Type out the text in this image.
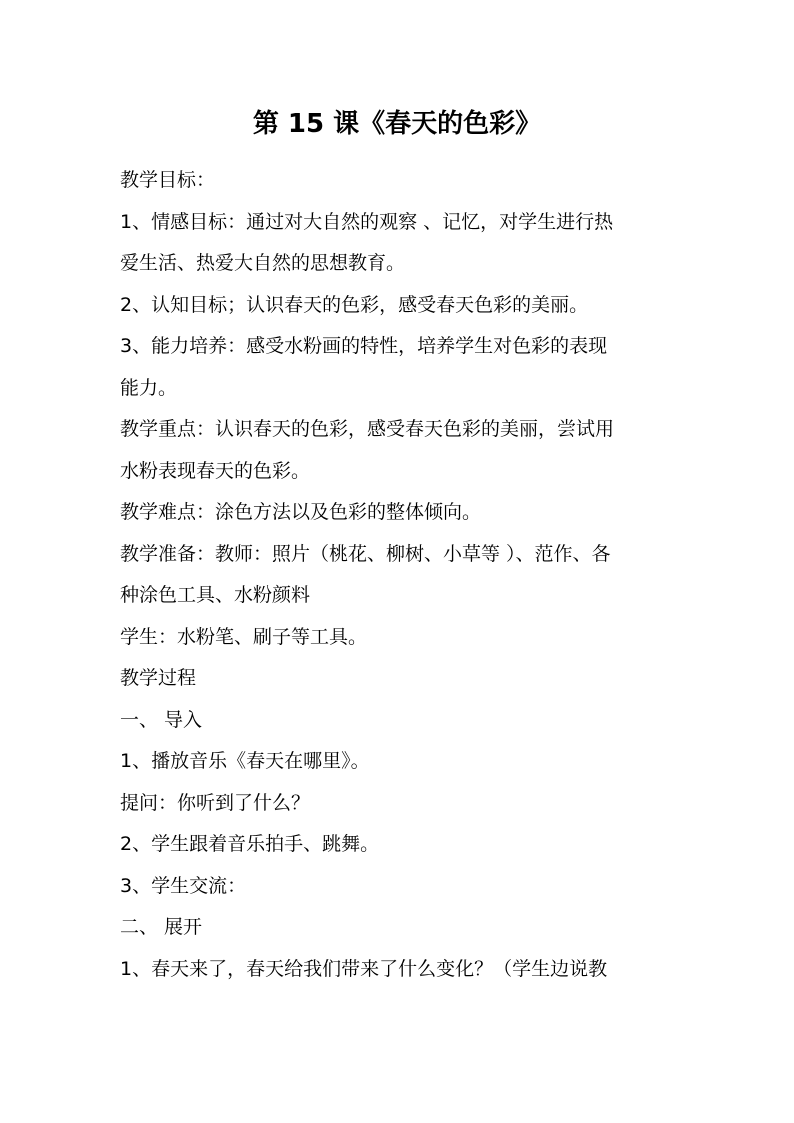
第 15 课《春天的色彩》
教学目标：
1、情感目标：通过对大自然的观察 、记忆，对学生进行热
爱生活、热爱大自然的思想教育。
2、认知目标；认识春天的色彩，感受春天色彩的美丽。
3、能力培养：感受水粉画的特性，培养学生对色彩的表现
能力。
教学重点：认识春天的色彩，感受春天色彩的美丽，尝试用
水粉表现春天的色彩。
教学难点：涂色方法以及色彩的整体倾向。
教学准备：教师：照片（桃花、柳树、小草等 ）、范作、各
种涂色工具、水粉颜料
学生：水粉笔、刷子等工具。
教学过程
一、 导入
1、播放音乐《春天在哪里》。
提问：你听到了什么？
2、学生跟着音乐拍手、跳舞。
3、学生交流：
二、 展开
1、春天来了，春天给我们带来了什么变化？（学生边说教
